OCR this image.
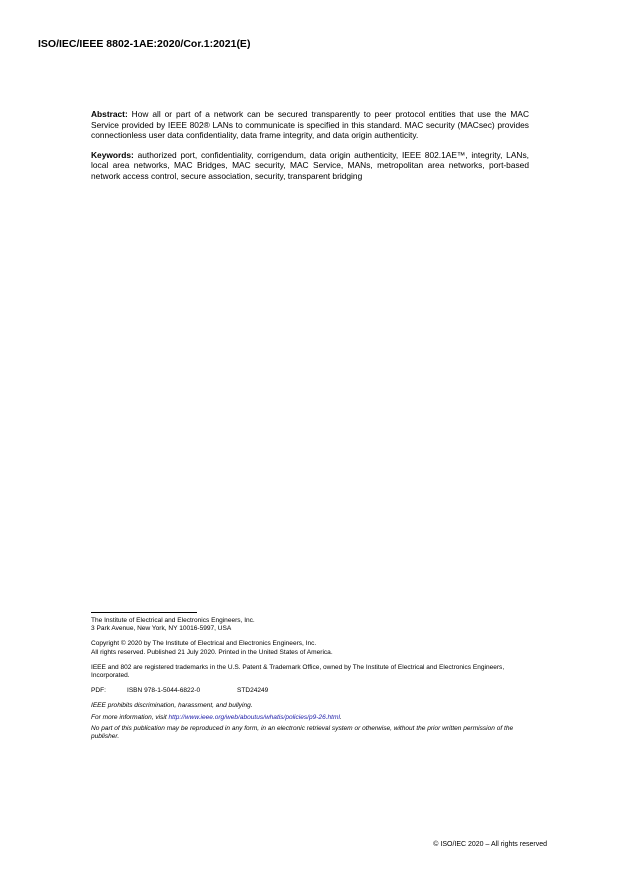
ISO/IEC/IEEE 8802-1AE:2020/Cor.1:2021(E)

Abstract: How all or part of a network can be secured transparently to peer protocol entities that use the MAC Service provided by IEEE 802® LANs to communicate is specified in this standard. MAC security (MACsec) provides connectionless user data confidentiality, data frame integrity, and data origin authenticity.

Keywords: authorized port, confidentiality, corrigendum, data origin authenticity, IEEE 802.1AE™, integrity, LANs, local area networks, MAC Bridges, MAC security, MAC Service, MANs, metropolitan area networks, port-based network access control, secure association, security, transparent bridging

The Institute of Electrical and Electronics Engineers, Inc.
3 Park Avenue, New York, NY 10016-5997, USA
Copyright © 2020 by The Institute of Electrical and Electronics Engineers, Inc.
All rights reserved. Published 21 July 2020. Printed in the United States of America.
IEEE and 802 are registered trademarks in the U.S. Patent & Trademark Office, owned by The Institute of Electrical and Electronics Engineers, Incorporated.
PDF:	ISBN 978-1-5044-6822-0	STD24249
IEEE prohibits discrimination, harassment, and bullying.
For more information, visit http://www.ieee.org/web/aboutus/whatis/policies/p9-26.html.
No part of this publication may be reproduced in any form, in an electronic retrieval system or otherwise, without the prior written permission of the publisher.
© ISO/IEC 2020 – All rights reserved
